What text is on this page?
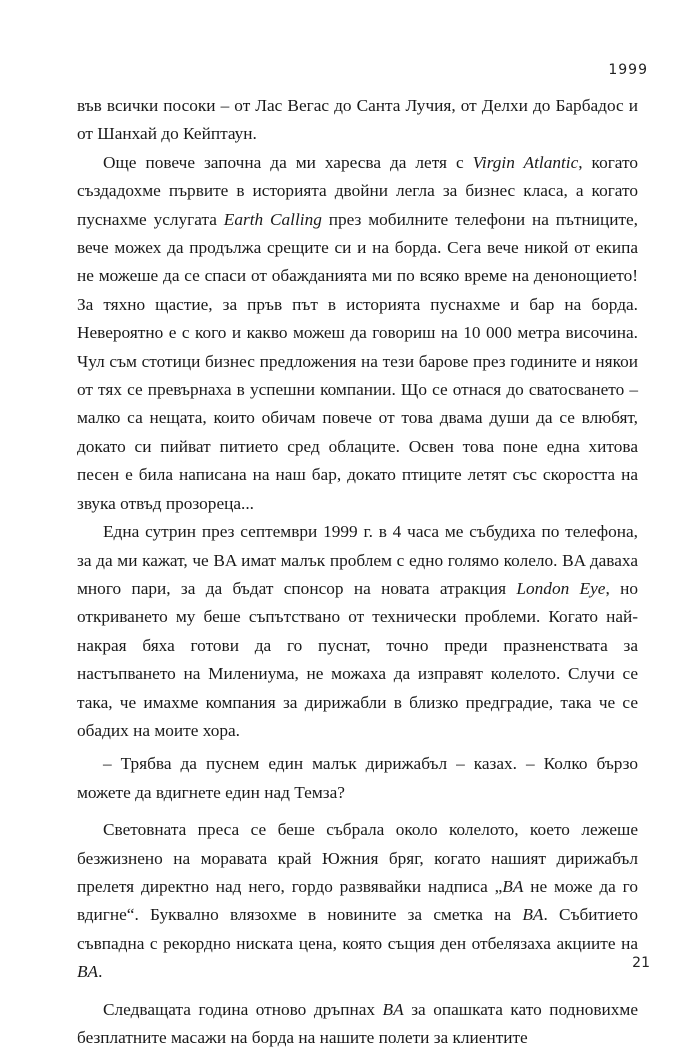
1999

във всички посоки – от Лас Вегас до Санта Лучия, от Делхи до Барбадос и от Шанхай до Кейптаун.

Още повече започна да ми харесва да летя с Virgin Atlantic, когато създадохме първите в историята двойни легла за бизнес класа, а когато пуснахме услугата Earth Calling през мобилните телефони на пътниците, вече можех да продължа срещите си и на борда. Сега вече никой от екипа не можеше да се спаси от обажданията ми по всяко време на денонощието! За тяхно щастие, за пръв път в историята пуснахме и бар на борда. Невероятно е с кого и какво можеш да говориш на 10 000 метра височина. Чул съм стотици бизнес предложения на тези барове през годините и някои от тях се превърнаха в успешни компании. Що се отнася до сватосването – малко са нещата, които обичам повече от това двама души да се влюбят, докато си пийват питието сред облаците. Освен това поне една хитова песен е била написана на наш бар, докато птиците летят със скоростта на звука отвъд прозореца...

Една сутрин през септември 1999 г. в 4 часа ме събудиха по телефона, за да ми кажат, че BA имат малък проблем с едно голямо колело. BA даваха много пари, за да бъдат спонсор на новата атракция London Eye, но откриването му беше съпътствано от технически проблеми. Когато най-накрая бяха готови да го пуснат, точно преди празненствата за настъпването на Милениума, не можаха да изправят колелото. Случи се така, че имахме компания за дирижабли в близко предградие, така че се обадих на моите хора.

– Трябва да пуснем един малък дирижабъл – казах. – Колко бързо можете да вдигнете един над Темза?

Световната преса се беше събрала около колелото, което лежеше безжизнено на моравата край Южния бряг, когато нашият дирижабъл прелетя директно над него, гордо развявайки надписа „BA не може да го вдигне“. Буквално влязохме в новините за сметка на BA. Събитието съвпадна с рекордно ниската цена, която същия ден отбелязаха акциите на BA.

Следващата година отново дръпнах BA за опашката като подновихме безплатните масажи на борда на нашите полети за клиентите

21
